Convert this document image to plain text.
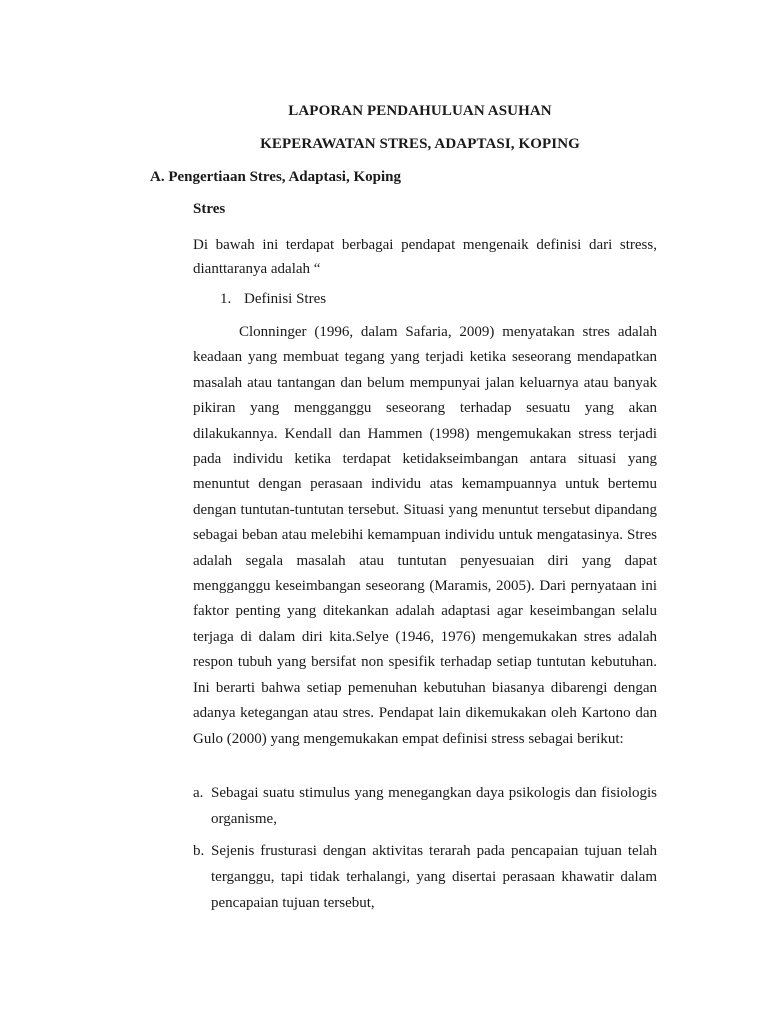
LAPORAN PENDAHULUAN ASUHAN
KEPERAWATAN STRES, ADAPTASI, KOPING
A. Pengertiaan Stres, Adaptasi, Koping
Stres

Di bawah ini terdapat berbagai pendapat mengenaik definisi dari stress, dianttaranya adalah “

1. Definisi Stres

Clonninger (1996, dalam Safaria, 2009) menyatakan stres adalah keadaan yang membuat tegang yang terjadi ketika seseorang mendapatkan masalah atau tantangan dan belum mempunyai jalan keluarnya atau banyak pikiran yang mengganggu seseorang terhadap sesuatu yang akan dilakukannya. Kendall dan Hammen (1998) mengemukakan stress terjadi pada individu ketika terdapat ketidakseimbangan antara situasi yang menuntut dengan perasaan individu atas kemampuannya untuk bertemu dengan tuntutan-tuntutan tersebut. Situasi yang menuntut tersebut dipandang sebagai beban atau melebihi kemampuan individu untuk mengatasinya. Stres adalah segala masalah atau tuntutan penyesuaian diri yang dapat mengganggu keseimbangan seseorang (Maramis, 2005). Dari pernyataan ini faktor penting yang ditekankan adalah adaptasi agar keseimbangan selalu terjaga di dalam diri kita.Selye (1946, 1976) mengemukakan stres adalah respon tubuh yang bersifat non spesifik terhadap setiap tuntutan kebutuhan. Ini berarti bahwa setiap pemenuhan kebutuhan biasanya dibarengi dengan adanya ketegangan atau stres. Pendapat lain dikemukakan oleh Kartono dan Gulo (2000) yang mengemukakan empat definisi stress sebagai berikut:

a. Sebagai suatu stimulus yang menegangkan daya psikologis dan fisiologis organisme,
b. Sejenis frusturasi dengan aktivitas terarah pada pencapaian tujuan telah terganggu, tapi tidak terhalangi, yang disertai perasaan khawatir dalam pencapaian tujuan tersebut,
